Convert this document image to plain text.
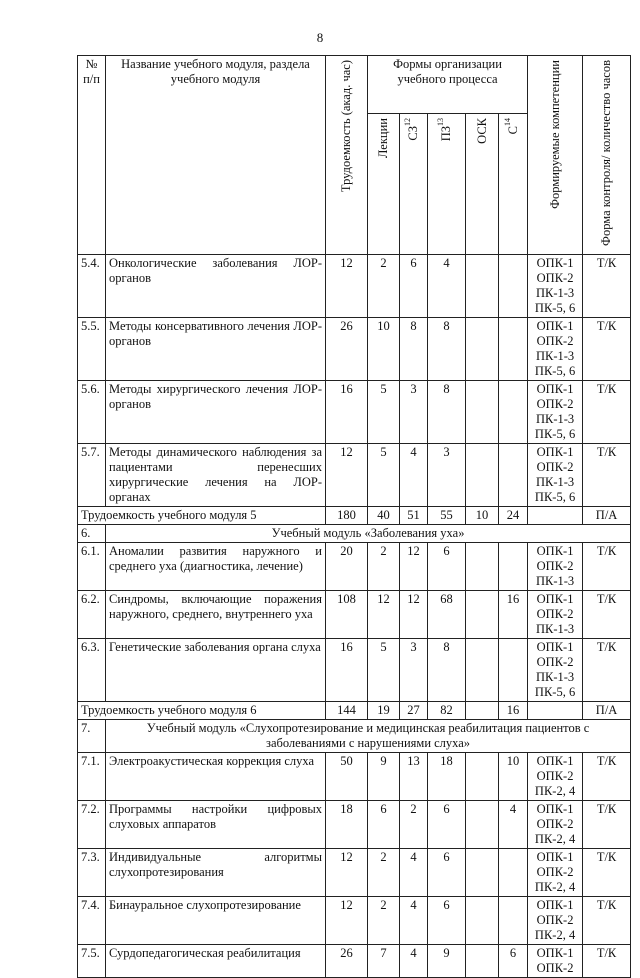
8
№ п/п	Название учебного модуля, раздела учебного модуля	Трудоемкость (акад. час)	Формы организации учебного процесса					Формируемые компетенции	Форма контроля/ количество часов
			Лекции	СЗ$^{12}$	ПЗ$^{13}$	ОСК	$С^{14}$
5.4.	Онкологические заболевания ЛОР-органов	12	2	6	4			ОПК-1
ОПК-2
ПК-1-3
ПК-5, 6	Т/К
5.5.	Методы консервативного лечения ЛОР-органов	26	10	8	8			ОПК-1
ОПК-2
ПК-1-3
ПК-5, 6	Т/К
5.6.	Методы хирургического лечения ЛОР-органов	16	5	3	8			ОПК-1
ОПК-2
ПК-1-3
ПК-5, 6	Т/К
5.7.	Методы динамического наблюдения за пациентами перенесших хирургические лечения на ЛОР-органах	12	5	4	3			ОПК-1
ОПК-2
ПК-1-3
ПК-5, 6	Т/К
Трудоемкость учебного модуля 5		180	40	51	55	10	24		П/А
6.	Учебный модуль «Заболевания уха»								
6.1.	Аномалии развития наружного и среднего уха (диагностика, лечение)	20	2	12	6			ОПК-1
ОПК-2
ПК-1-3	Т/К
6.2.	Синдромы, включающие поражения наружного, среднего, внутреннего уха	108	12	12	68		16	ОПК-1
ОПК-2
ПК-1-3	Т/К
6.3.	Генетические заболевания органа слуха	16	5	3	8			ОПК-1
ОПК-2
ПК-1-3
ПК-5, 6	Т/К
Трудоемкость учебного модуля 6		144	19	27	82		16		П/А
7.	Учебный модуль «Слухопротезирование и медицинская реабилитация пациентов с заболеваниями с нарушениями слуха»								
7.1.	Электроакустическая коррекция слуха	50	9	13	18		10	ОПК-1
ОПК-2
ПК-2, 4	Т/К
7.2.	Программы настройки цифровых слуховых аппаратов	18	6	2	6		4	ОПК-1
ОПК-2
ПК-2, 4	Т/К
7.3.	Индивидуальные алгоритмы слухопротезирования	12	2	4	6			ОПК-1
ОПК-2
ПК-2, 4	Т/К
7.4.	Бинауральное слухопротезирование	12	2	4	6			ОПК-1
ОПК-2
ПК-2, 4	Т/К
7.5.	Сурдопедагогическая реабилитация	26	7	4	9		6	ОПК-1
ОПК-2	Т/К
